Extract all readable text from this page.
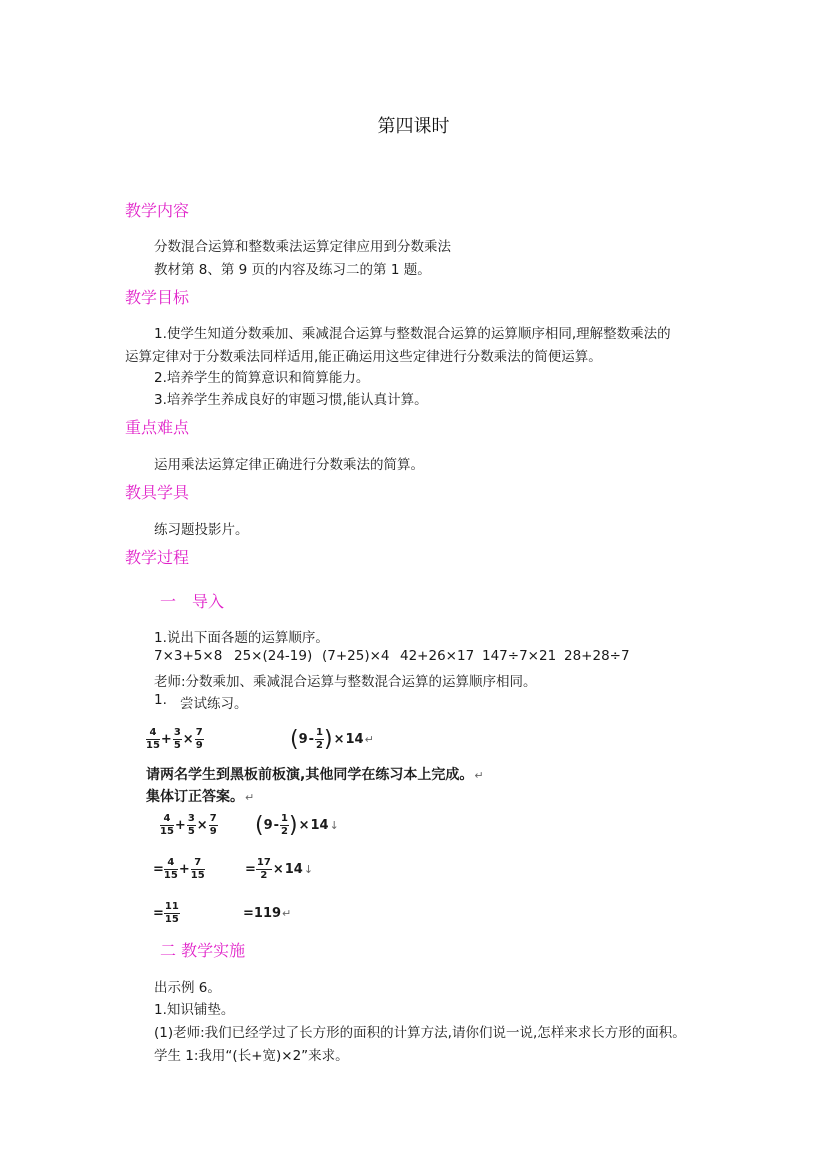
第四课时
教学内容
分数混合运算和整数乘法运算定律应用到分数乘法
教材第 8、第 9 页的内容及练习二的第 1 题。
教学目标
1.使学生知道分数乘加、乘减混合运算与整数混合运算的运算顺序相同,理解整数乘法的
运算定律对于分数乘法同样适用,能正确运用这些定律进行分数乘法的简便运算。
2.培养学生的简算意识和简算能力。
3.培养学生养成良好的审题习惯,能认真计算。
重点难点
运用乘法运算定律正确进行分数乘法的简算。
教具学具
练习题投影片。
教学过程
一　导入
1.说出下面各题的运算顺序。
7×3+5×8 25×(24-19) (7+25)×4 42+26×17 147÷7×21 28+28÷7
老师:分数乘加、乘减混合运算与整数混合运算的运算顺序相同。
1. 尝试练习。
$\frac{4}{15} + \frac{3}{5} \times \frac{7}{9}$	( $9 - \frac{1}{2}$ ) × 14 ↵
请两名学生到黑板前板演,其他同学在练习本上完成。↵
集体订正答案。↵
$\frac{4}{15} + \frac{3}{5} \times \frac{7}{9}$ ( $9 - \frac{1}{2}$ ) × 14 ↓
= $\frac{4}{15} + \frac{7}{15}$	= $\frac{17}{2} \times 14$ ↓
= $\frac{11}{15}$	=119 ↵
二 教学实施
出示例 6。
1.知识铺垫。
(1)老师:我们已经学过了长方形的面积的计算方法,请你们说一说,怎样来求长方形的面积。
学生 1:我用“(长+宽)×2”来求。
